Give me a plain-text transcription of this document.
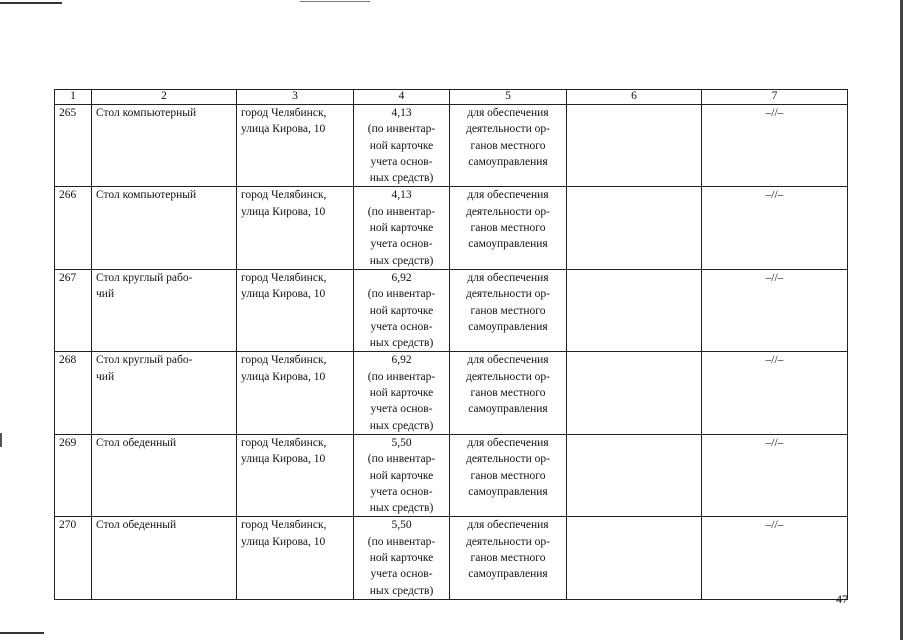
1	2	3	4	5	6	7
265	Стол компьютерный	город Челябинск,
улица Кирова, 10	4,13
(по инвентар-
ной карточке
учета основ-
ных средств)	для обеспечения
деятельности ор-
ганов местного
самоуправления		–//–
266	Стол компьютерный	город Челябинск,
улица Кирова, 10	4,13
(по инвентар-
ной карточке
учета основ-
ных средств)	для обеспечения
деятельности ор-
ганов местного
самоуправления		–//–
267	Стол круглый рабо-
чий	город Челябинск,
улица Кирова, 10	6,92
(по инвентар-
ной карточке
учета основ-
ных средств)	для обеспечения
деятельности ор-
ганов местного
самоуправления		–//–
268	Стол круглый рабо-
чий	город Челябинск,
улица Кирова, 10	6,92
(по инвентар-
ной карточке
учета основ-
ных средств)	для обеспечения
деятельности ор-
ганов местного
самоуправления		–//–
269	Стол обеденный	город Челябинск,
улица Кирова, 10	5,50
(по инвентар-
ной карточке
учета основ-
ных средств)	для обеспечения
деятельности ор-
ганов местного
самоуправления		–//–
270	Стол обеденный	город Челябинск,
улица Кирова, 10	5,50
(по инвентар-
ной карточке
учета основ-
ных средств)	для обеспечения
деятельности ор-
ганов местного
самоуправления		–//–
47
